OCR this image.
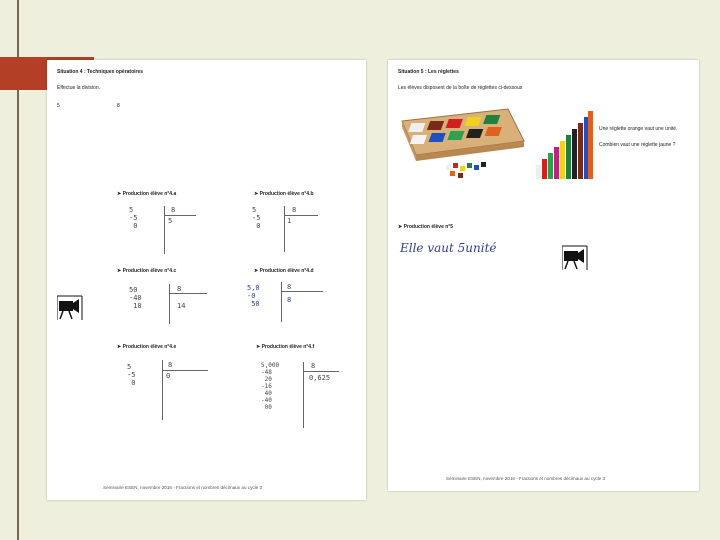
Situation 4 : Techniques opératoires
Effectue la division.
5	8
➤ Production élève n°4.a
5
-5
0
8
5
➤ Production élève n°4.b
5
-5
0
8
1
➤ Production élève n°4.c
50
-40
10
8
14
➤ Production élève n°4.d
5,0
-0
50
8
8
➤ Production élève n°4.e
5
-5
0
8
0
➤ Production élève n°4.f
5,000
-48
20
-16
40
-40
00
8
0,625
Séminaire ESEN, novembre 2016 - Fractions et nombres décimaux au cycle 3
Situation 5 : Les réglettes
Les élèves disposent de la boîte de réglettes ci-dessous
Une réglette orange vaut une unité.
Combien vaut une réglette jaune ?
➤ Production élève n°5
Elle vaut 5unité
Séminaire ESEN, novembre 2016 - Fractions et nombres décimaux au cycle 3
